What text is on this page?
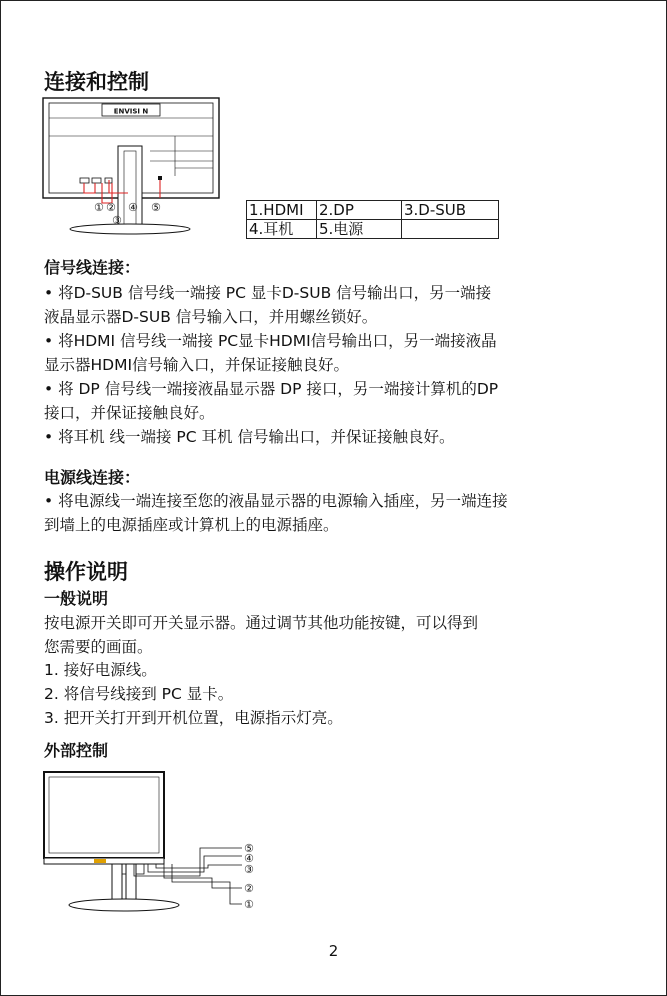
连接和控制
ENVISI N
① ② ③ ④ ⑤	1.HDMI	2.DP	3.D-SUB
4.耳机	5.电源	
信号线连接：
• 将D-SUB 信号线一端接 PC 显卡D-SUB 信号输出口，另一端接
液晶显示器D-SUB 信号输入口，并用螺丝锁好。
• 将HDMI 信号线一端接 PC显卡HDMI信号输出口，另一端接液晶
显示器HDMI信号输入口，并保证接触良好。
• 将 DP 信号线一端接液晶显示器 DP 接口，另一端接计算机的DP
接口，并保证接触良好。
• 将耳机 线一端接 PC 耳机 信号输出口，并保证接触良好。
电源线连接：
• 将电源线一端连接至您的液晶显示器的电源输入插座，另一端连接
到墙上的电源插座或计算机上的电源插座。
操作说明
一般说明
按电源开关即可开关显示器。通过调节其他功能按键，可以得到
您需要的画面。
1. 接好电源线。
2. 将信号线接到 PC 显卡。
3. 把开关打开到开机位置，电源指示灯亮。
外部控制
⑤ ④ ③ ② ①
2
